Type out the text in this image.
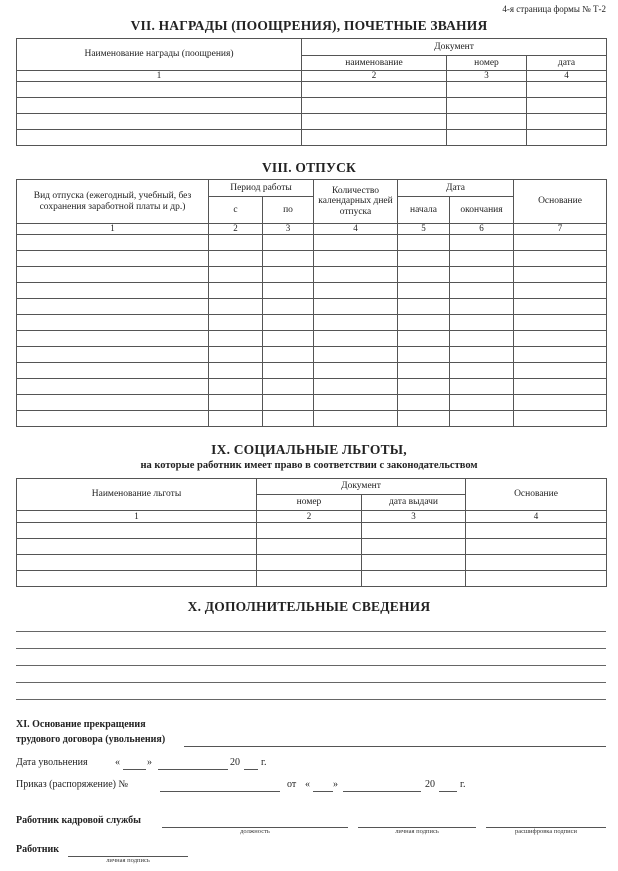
4-я страница формы № Т-2
VII. НАГРАДЫ (ПООЩРЕНИЯ), ПОЧЕТНЫЕ ЗВАНИЯ
Наименование награды (поощрения)	Документ		
	наименование	номер	дата
1	2	3	4

VIII. ОТПУСК
Вид отпуска (ежегодный, учебный, без сохранения заработной платы и др.)	Период работы		Количество календарных дней отпуска	Дата		Основание
	с	по		начала	окончания	
1	2	3	4	5	6	7

IX. СОЦИАЛЬНЫЕ ЛЬГОТЫ,
на которые работник имеет право в соответствии с законодательством
Наименование льготы	Документ		Основание
	номер	дата выдачи	
1	2	3	4

X. ДОПОЛНИТЕЛЬНЫЕ СВЕДЕНИЯ
XI. Основание прекращения
трудового договора (увольнения)
Дата увольнения	«	»	20 г.
Приказ (распоряжение) №	от « »	20	г.
Работник кадровой службы
должность	личная подпись	расшифровка подписи
Работник
личная подпись
